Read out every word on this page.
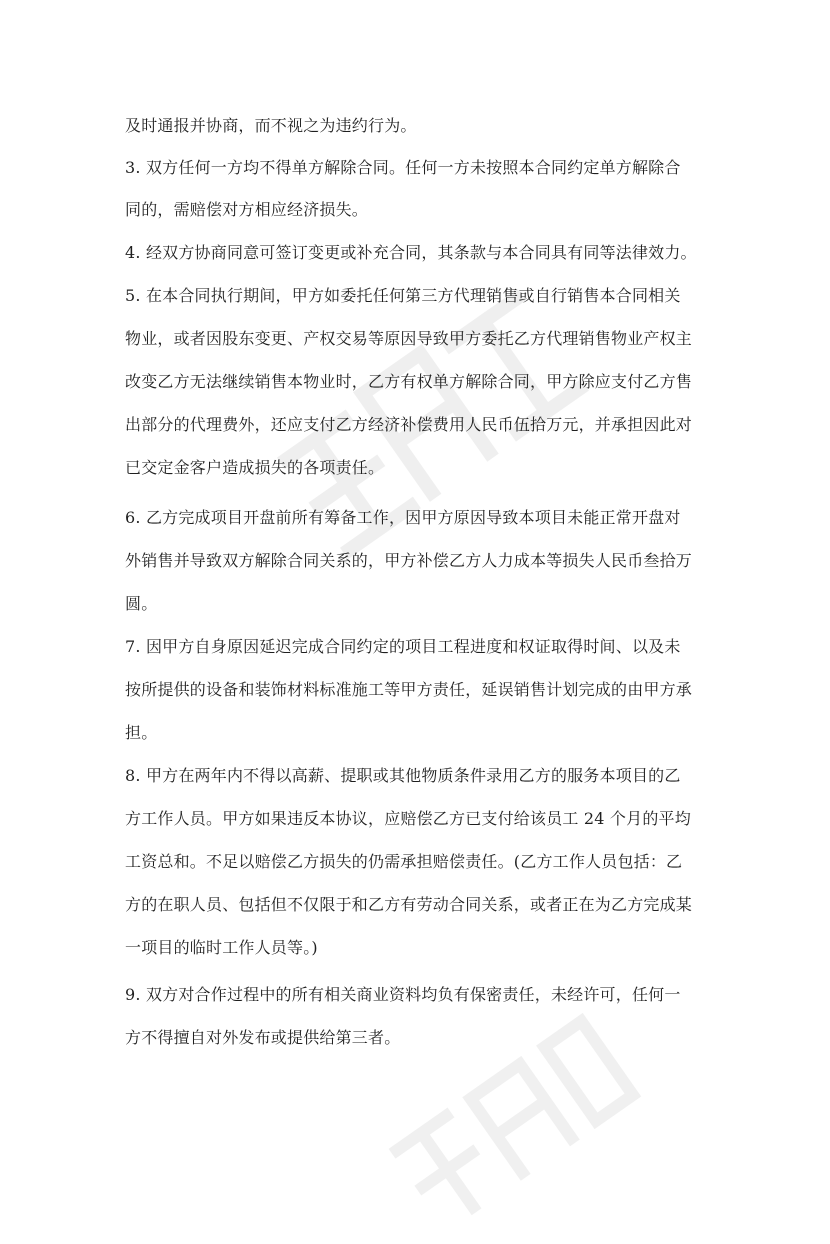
及时通报并协商，而不视之为违约行为。
3. 双方任何一方均不得单方解除合同。任何一方未按照本合同约定单方解除合
同的，需赔偿对方相应经济损失。
4. 经双方协商同意可签订变更或补充合同，其条款与本合同具有同等法律效力。
5. 在本合同执行期间，甲方如委托任何第三方代理销售或自行销售本合同相关
物业，或者因股东变更、产权交易等原因导致甲方委托乙方代理销售物业产权主
改变乙方无法继续销售本物业时，乙方有权单方解除合同，甲方除应支付乙方售
出部分的代理费外，还应支付乙方经济补偿费用人民币伍拾万元，并承担因此对
已交定金客户造成损失的各项责任。
6. 乙方完成项目开盘前所有筹备工作，因甲方原因导致本项目未能正常开盘对
外销售并导致双方解除合同关系的，甲方补偿乙方人力成本等损失人民币叁拾万
圆。
7. 因甲方自身原因延迟完成合同约定的项目工程进度和权证取得时间、以及未
按所提供的设备和装饰材料标准施工等甲方责任，延误销售计划完成的由甲方承
担。
8. 甲方在两年内不得以高薪、提职或其他物质条件录用乙方的服务本项目的乙
方工作人员。甲方如果违反本协议，应赔偿乙方已支付给该员工 24 个月的平均
工资总和。不足以赔偿乙方损失的仍需承担赔偿责任。(乙方工作人员包括：乙
方的在职人员、包括但不仅限于和乙方有劳动合同关系，或者正在为乙方完成某
一项目的临时工作人员等。)
9. 双方对合作过程中的所有相关商业资料均负有保密责任，未经许可，任何一
方不得擅自对外发布或提供给第三者。
